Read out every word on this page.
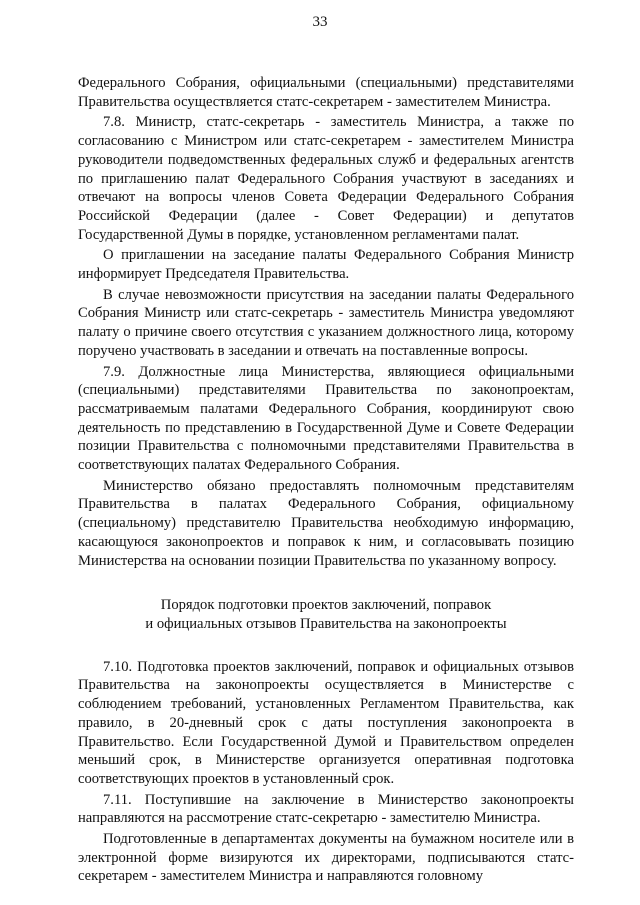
33

Федерального Собрания, официальными (специальными) представителями Правительства осуществляется статс-секретарем - заместителем Министра.

7.8. Министр, статс-секретарь - заместитель Министра, а также по согласованию с Министром или статс-секретарем - заместителем Министра руководители подведомственных федеральных служб и федеральных агентств по приглашению палат Федерального Собрания участвуют в заседаниях и отвечают на вопросы членов Совета Федерации Федерального Собрания Российской Федерации (далее - Совет Федерации) и депутатов Государственной Думы в порядке, установленном регламентами палат.

О приглашении на заседание палаты Федерального Собрания Министр информирует Председателя Правительства.

В случае невозможности присутствия на заседании палаты Федерального Собрания Министр или статс-секретарь - заместитель Министра уведомляют палату о причине своего отсутствия с указанием должностного лица, которому поручено участвовать в заседании и отвечать на поставленные вопросы.

7.9. Должностные лица Министерства, являющиеся официальными (специальными) представителями Правительства по законопроектам, рассматриваемым палатами Федерального Собрания, координируют свою деятельность по представлению в Государственной Думе и Совете Федерации позиции Правительства с полномочными представителями Правительства в соответствующих палатах Федерального Собрания.

Министерство обязано предоставлять полномочным представителям Правительства в палатах Федерального Собрания, официальному (специальному) представителю Правительства необходимую информацию, касающуюся законопроектов и поправок к ним, и согласовывать позицию Министерства на основании позиции Правительства по указанному вопросу.

Порядок подготовки проектов заключений, поправок
и официальных отзывов Правительства на законопроекты

7.10. Подготовка проектов заключений, поправок и официальных отзывов Правительства на законопроекты осуществляется в Министерстве с соблюдением требований, установленных Регламентом Правительства, как правило, в 20-дневный срок с даты поступления законопроекта в Правительство. Если Государственной Думой и Правительством определен меньший срок, в Министерстве организуется оперативная подготовка соответствующих проектов в установленный срок.

7.11. Поступившие на заключение в Министерство законопроекты направляются на рассмотрение статс-секретарю - заместителю Министра.

Подготовленные в департаментах документы на бумажном носителе или в электронной форме визируются их директорами, подписываются статс-секретарем - заместителем Министра и направляются головному
